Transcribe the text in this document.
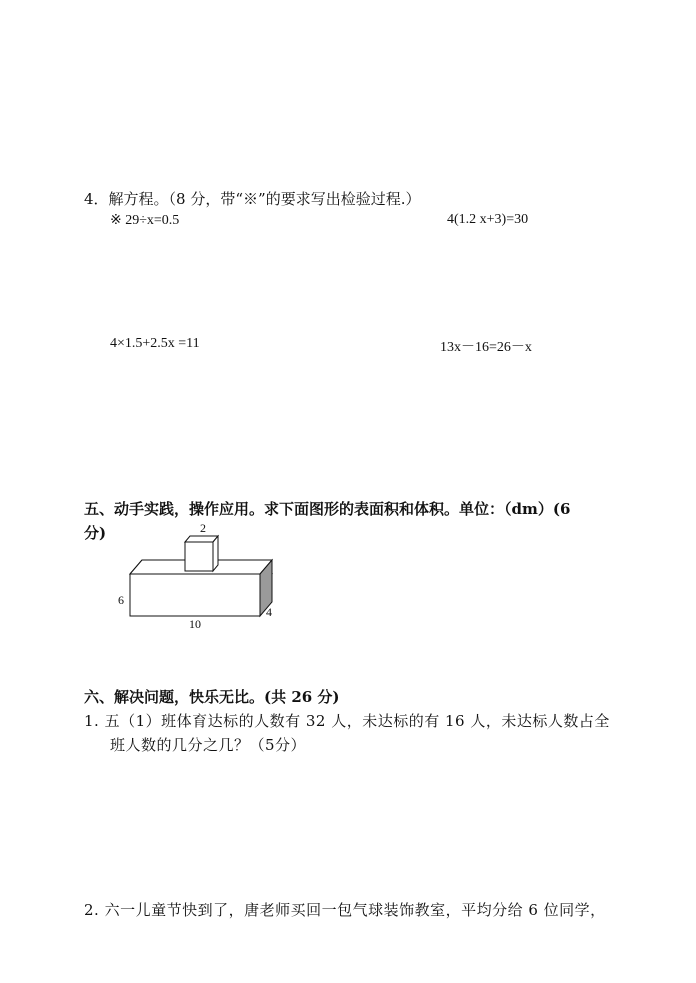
4．解方程。（8 分，带“※”的要求写出检验过程.）
※ 29÷x=0.5	4(1.2 x+3)=30
4×1.5+2.5x =11	13x－16=26－x
五、动手实践，操作应用。求下面图形的表面积和体积。单位：（dm）(6
分)	2
6
10
4
六、解决问题，快乐无比。(共 26 分)
1. 五（1）班体育达标的人数有 32 人，未达标的有 16 人，未达标人数占全
班人数的几分之几？（5分）
2. 六一儿童节快到了，唐老师买回一包气球装饰教室，平均分给 6 位同学，
